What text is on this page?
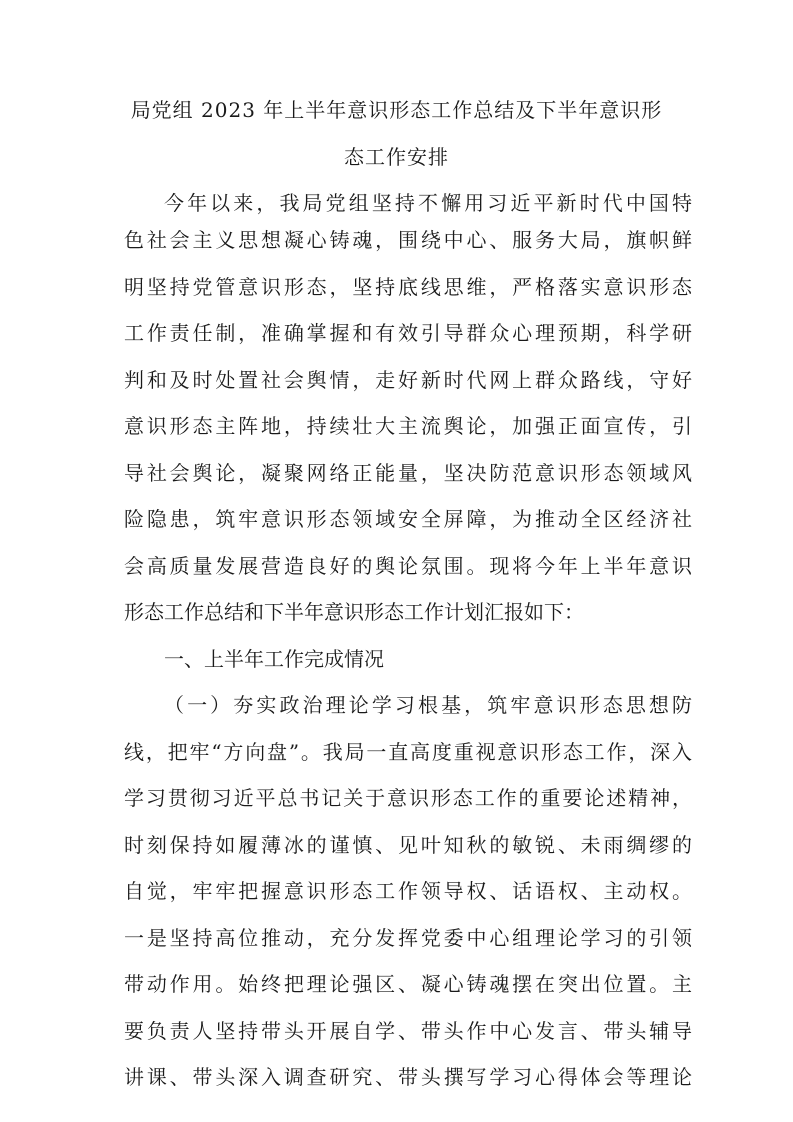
局党组 2023 年上半年意识形态工作总结及下半年意识形
态工作安排
今年以来，我局党组坚持不懈用习近平新时代中国特
色社会主义思想凝心铸魂，围绕中心、服务大局，旗帜鲜
明坚持党管意识形态，坚持底线思维，严格落实意识形态
工作责任制，准确掌握和有效引导群众心理预期，科学研
判和及时处置社会舆情，走好新时代网上群众路线，守好
意识形态主阵地，持续壮大主流舆论，加强正面宣传，引
导社会舆论，凝聚网络正能量，坚决防范意识形态领域风
险隐患，筑牢意识形态领域安全屏障，为推动全区经济社
会高质量发展营造良好的舆论氛围。现将今年上半年意识
形态工作总结和下半年意识形态工作计划汇报如下：
一、上半年工作完成情况
（一）夯实政治理论学习根基，筑牢意识形态思想防
线，把牢“方向盘”。我局一直高度重视意识形态工作，深入
学习贯彻习近平总书记关于意识形态工作的重要论述精神，
时刻保持如履薄冰的谨慎、见叶知秋的敏锐、未雨绸缪的
自觉，牢牢把握意识形态工作领导权、话语权、主动权。
一是坚持高位推动，充分发挥党委中心组理论学习的引领
带动作用。始终把理论强区、凝心铸魂摆在突出位置。主
要负责人坚持带头开展自学、带头作中心发言、带头辅导
讲课、带头深入调查研究、带头撰写学习心得体会等理论
